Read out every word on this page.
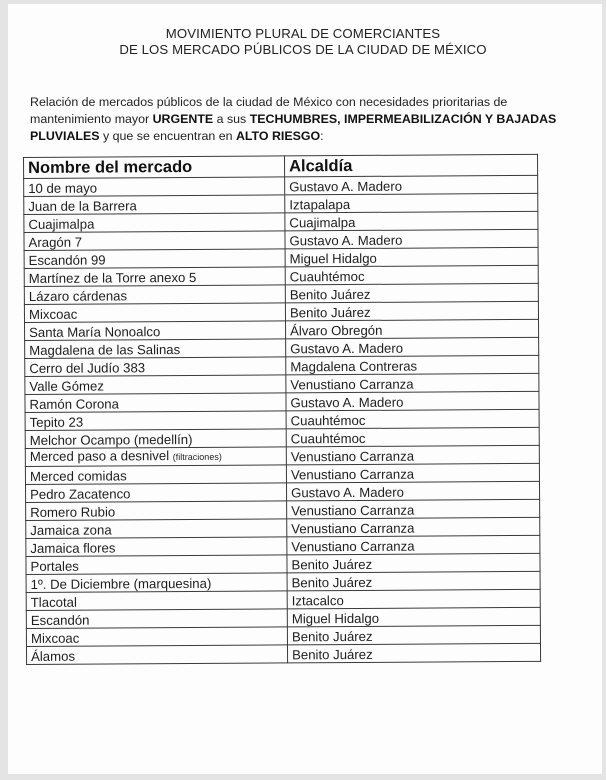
MOVIMIENTO PLURAL DE COMERCIANTES
DE LOS MERCADO PÚBLICOS DE LA CIUDAD DE MÉXICO
Relación de mercados públicos de la ciudad de México con necesidades prioritarias de mantenimiento mayor URGENTE a sus TECHUMBRES, IMPERMEABILIZACIÓN Y BAJADAS PLUVIALES y que se encuentran en ALTO RIESGO:
Nombre del mercado	Alcaldía
10 de mayo	Gustavo A. Madero
Juan de la Barrera	Iztapalapa
Cuajimalpa	Cuajimalpa
Aragón 7	Gustavo A. Madero
Escandón 99	Miguel Hidalgo
Martínez de la Torre anexo 5	Cuauhtémoc
Lázaro cárdenas	Benito Juárez
Mixcoac	Benito Juárez
Santa María Nonoalco	Álvaro Obregón
Magdalena de las Salinas	Gustavo A. Madero
Cerro del Judío 383	Magdalena Contreras
Valle Gómez	Venustiano Carranza
Ramón Corona	Gustavo A. Madero
Tepito 23	Cuauhtémoc
Melchor Ocampo (medellín)	Cuauhtémoc
Merced paso a desnivel (filtraciones)	Venustiano Carranza
Merced comidas	Venustiano Carranza
Pedro Zacatenco	Gustavo A. Madero
Romero Rubio	Venustiano Carranza
Jamaica zona	Venustiano Carranza
Jamaica flores	Venustiano Carranza
Portales	Benito Juárez
1º. De Diciembre (marquesina)	Benito Juárez
Tlacotal	Iztacalco
Escandón	Miguel Hidalgo
Mixcoac	Benito Juárez
Álamos	Benito Juárez
